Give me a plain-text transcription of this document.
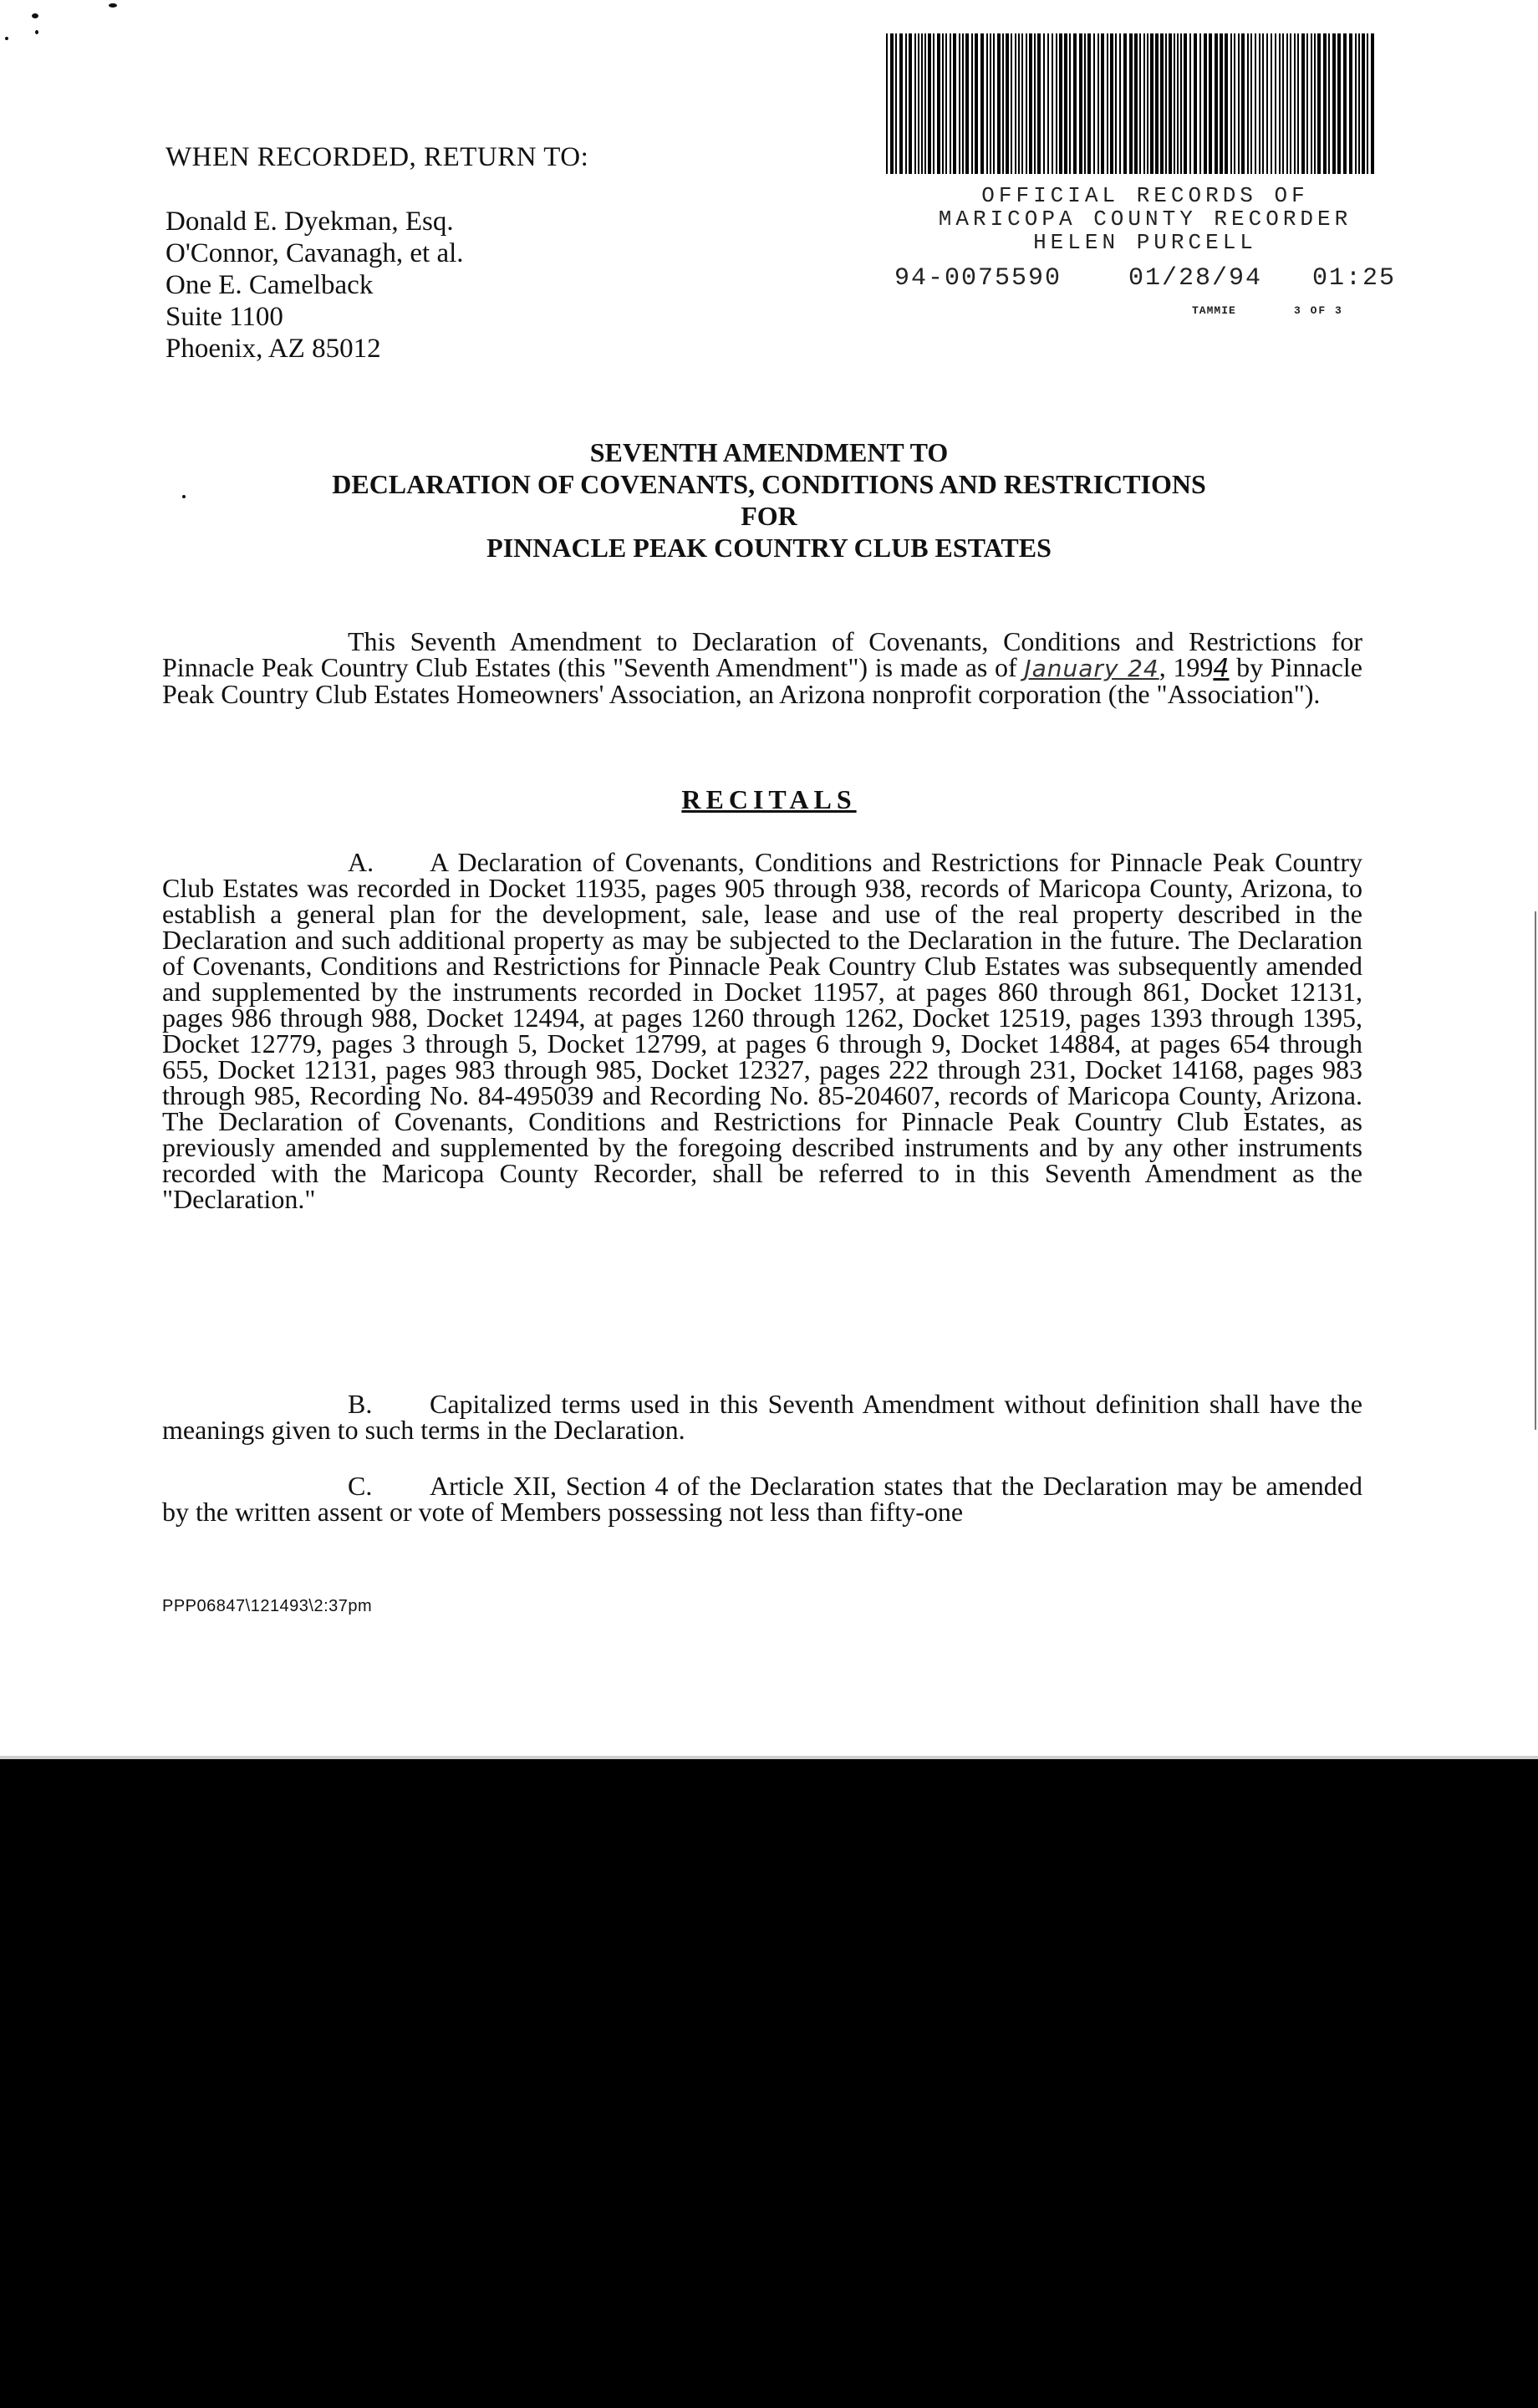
WHEN RECORDED, RETURN TO:
Donald E. Dyekman, Esq.
O'Connor, Cavanagh, et al.
One E. Camelback
Suite 1100
Phoenix, AZ 85012
OFFICIAL RECORDS OF
MARICOPA COUNTY RECORDER
HELEN PURCELL
94-0075590	01/28/94 01:25
TAMMIE	3 OF 3
SEVENTH AMENDMENT TO
DECLARATION OF COVENANTS, CONDITIONS AND RESTRICTIONS
FOR
PINNACLE PEAK COUNTRY CLUB ESTATES
This Seventh Amendment to Declaration of Covenants, Conditions and Restrictions for Pinnacle Peak Country Club Estates (this "Seventh Amendment") is made as of January 24, 1994 by Pinnacle Peak Country Club Estates Homeowners' Association, an Arizona nonprofit corporation (the "Association").
RECITALS
A. A Declaration of Covenants, Conditions and Restrictions for Pinnacle Peak Country Club Estates was recorded in Docket 11935, pages 905 through 938, records of Maricopa County, Arizona, to establish a general plan for the development, sale, lease and use of the real property described in the Declaration and such additional property as may be subjected to the Declaration in the future. The Declaration of Covenants, Conditions and Restrictions for Pinnacle Peak Country Club Estates was subsequently amended and supplemented by the instruments recorded in Docket 11957, at pages 860 through 861, Docket 12131, pages 986 through 988, Docket 12494, at pages 1260 through 1262, Docket 12519, pages 1393 through 1395, Docket 12779, pages 3 through 5, Docket 12799, at pages 6 through 9, Docket 14884, at pages 654 through 655, Docket 12131, pages 983 through 985, Docket 12327, pages 222 through 231, Docket 14168, pages 983 through 985, Recording No. 84-495039 and Recording No. 85-204607, records of Maricopa County, Arizona. The Declaration of Covenants, Conditions and Restrictions for Pinnacle Peak Country Club Estates, as previously amended and supplemented by the foregoing described instruments and by any other instruments recorded with the Maricopa County Recorder, shall be referred to in this Seventh Amendment as the "Declaration."
B. Capitalized terms used in this Seventh Amendment without definition shall have the meanings given to such terms in the Declaration.
C. Article XII, Section 4 of the Declaration states that the Declaration may be amended by the written assent or vote of Members possessing not less than fifty-one
PPP06847\121493\2:37pm
